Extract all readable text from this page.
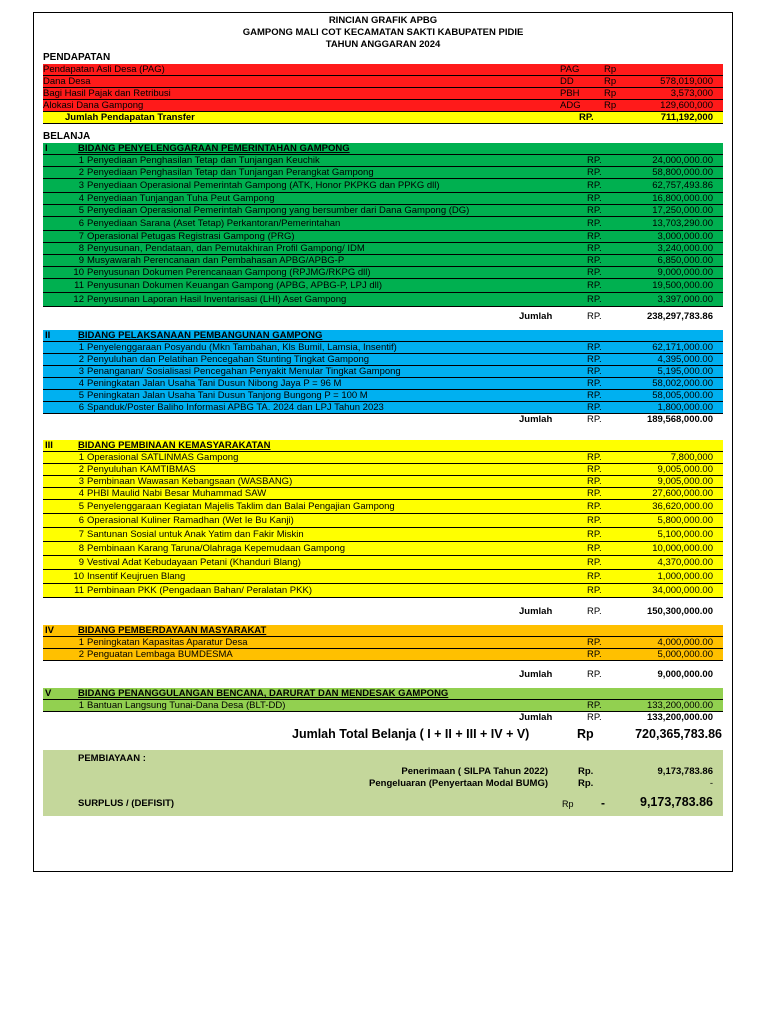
RINCIAN GRAFIK APBG
GAMPONG MALI COT KECAMATAN SAKTI KABUPATEN PIDIE
TAHUN ANGGARAN 2024
PENDAPATAN
Pendapatan Asli Desa (PAG)	PAG	Rp
Dana Desa	DD	Rp	578,019,000
Bagi Hasil Pajak dan Retribusi	PBH	Rp	3,573,000
Alokasi Dana Gampong	ADG Rp	129,600,000
Jumlah Pendapatan Transfer	RP.	711,192,000
BELANJA
I	BIDANG PENYELENGGARAAN PEMERINTAHAN GAMPONG
1 Penyediaan Penghasilan Tetap dan Tunjangan Keuchik	RP.	24,000,000.00
2 Penyediaan Penghasilan Tetap dan Tunjangan Perangkat Gampong	RP.	58,800,000.00
3 Penyediaan Operasional Pemerintah Gampong (ATK, Honor PKPKG dan PPKG dll)	RP.	62,757,493.86
4 Penyediaan Tunjangan Tuha Peut Gampong	RP.	16,800,000.00
5 Penyediaan Operasional Pemerintah Gampong yang bersumber dari Dana Gampong (DG)	RP.	17,250,000.00
6 Penyediaan Sarana (Aset Tetap) Perkantoran/Pemerintahan	RP.	13,703,290.00
7 Operasional Petugas Registrasi Gampong (PRG)	RP.	3,000,000.00
8 Penyusunan, Pendataan, dan Pemutakhiran Profil Gampong/ IDM	RP.	3,240,000.00
9 Musyawarah Perencanaan dan Pembahasan APBG/APBG-P	RP.	6,850,000.00
10 Penyusunan Dokumen Perencanaan Gampong (RPJMG/RKPG dll)	RP.	9,000,000.00
11 Penyusunan Dokumen Keuangan Gampong (APBG, APBG-P, LPJ dll)	RP.	19,500,000.00
12 Penyusunan Laporan Hasil Inventarisasi (LHI) Aset Gampong	RP.	3,397,000.00
Jumlah	RP.	238,297,783.86
II	BIDANG PELAKSANAAN PEMBANGUNAN GAMPONG
1 Penyelenggaraan Posyandu (Mkn Tambahan, Kls Bumil, Lamsia, Insentif)	RP.	62,171,000.00
2 Penyuluhan dan Pelatihan Pencegahan Stunting Tingkat Gampong	RP.	4,395,000.00
3 Penanganan/ Sosialisasi Pencegahan Penyakit Menular Tingkat Gampong	RP.	5,195,000.00
4 Peningkatan Jalan Usaha Tani Dusun Nibong Jaya P = 96 M	RP.	58,002,000.00
5 Peningkatan Jalan Usaha Tani Dusun Tanjong Bungong P = 100 M	RP.	58,005,000.00
6 Spanduk/Poster Baliho Informasi APBG TA. 2024 dan LPJ Tahun 2023	RP.	1,800,000.00
Jumlah	RP.	189,568,000.00
III	BIDANG PEMBINAAN KEMASYARAKATAN
1 Operasional SATLINMAS Gampong	RP.	7,800,000
2 Penyuluhan KAMTIBMAS	RP.	9,005,000.00
3 Pembinaan Wawasan Kebangsaan (WASBANG)	RP.	9,005,000.00
4 PHBI Maulid Nabi Besar Muhammad SAW	RP.	27,600,000.00
5 Penyelenggaraan Kegiatan Majelis Taklim dan Balai Pengajian Gampong	RP.	36,620,000.00
6 Operasional Kuliner Ramadhan (Wet Ie Bu Kanji)	RP.	5,800,000.00
7 Santunan Sosial untuk Anak Yatim dan Fakir Miskin	RP.	5,100,000.00
8 Pembinaan Karang Taruna/Olahraga Kepemudaan Gampong	RP.	10,000,000.00
9 Vestival Adat Kebudayaan Petani (Khanduri Blang)	RP.	4,370,000.00
10 Insentif Keujruen Blang	RP.	1,000,000.00
11 Pembinaan PKK (Pengadaan Bahan/ Peralatan PKK)	RP.	34,000,000.00
Jumlah	RP.	150,300,000.00
IV	BIDANG PEMBERDAYAAN MASYARAKAT
1 Peningkatan Kapasitas Aparatur Desa	RP.	4,000,000.00
2 Penguatan Lembaga BUMDESMA	RP.	5,000,000.00
Jumlah	RP.	9,000,000.00
V	BIDANG PENANGGULANGAN BENCANA, DARURAT DAN MENDESAK GAMPONG
1 Bantuan Langsung Tunai-Dana Desa (BLT-DD)	RP.	133,200,000.00
Jumlah	RP.	133,200,000.00
Jumlah Total Belanja ( I + II + III + IV + V)	Rp	720,365,783.86
PEMBIAYAAN :
Penerimaan ( SILPA Tahun 2022)	Rp.	9,173,783.86
Pengeluaran (Penyertaan Modal BUMG)	Rp.	-
SURPLUS / (DEFISIT)	Rp -	9,173,783.86
